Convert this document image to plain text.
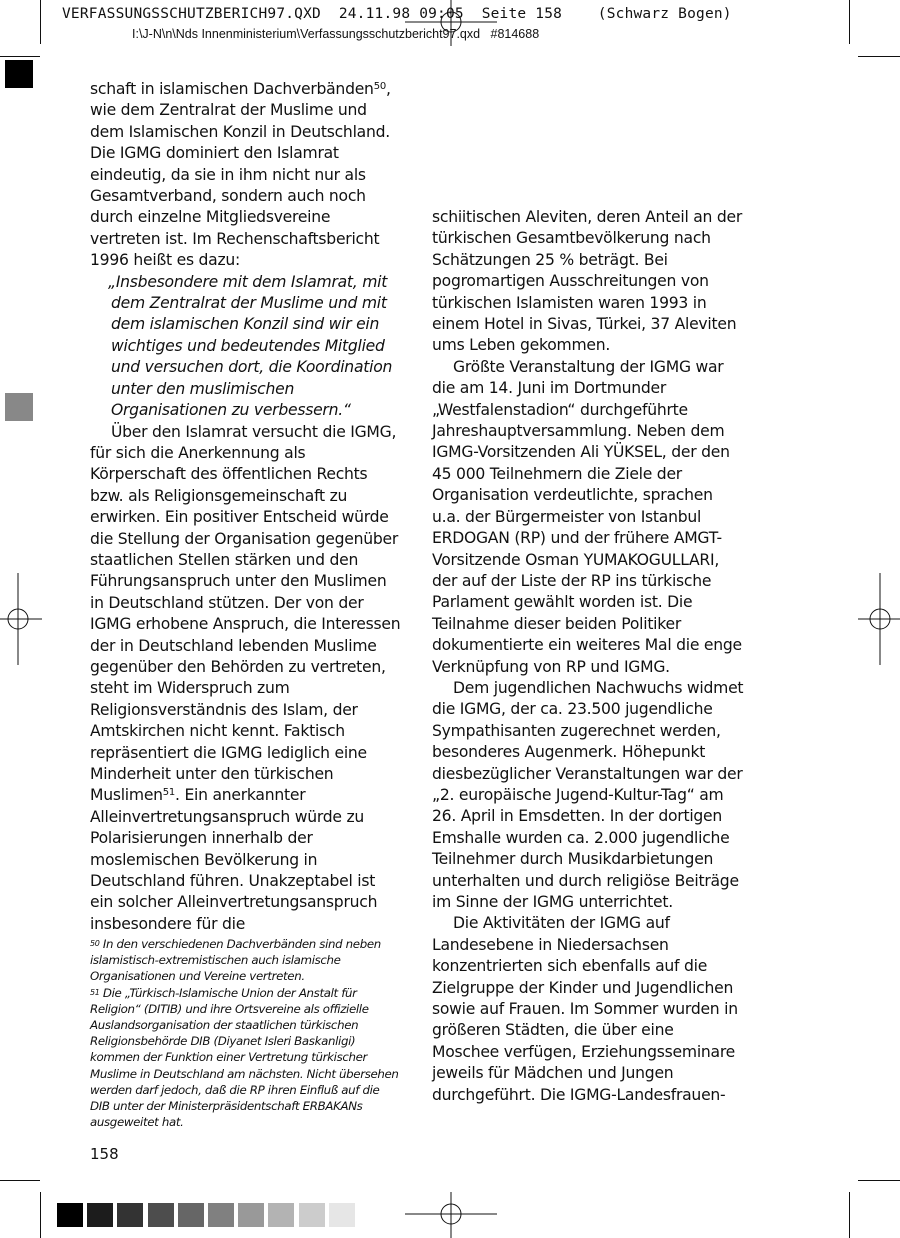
VERFASSUNGSSCHUTZBERICH97.QXD  24.11.98 09:05  Seite 158    (Schwarz Bogen)
I:\J-N\n\Nds Innenministerium\Verfassungsschutzbericht97.qxd   #814688

schaft in islamischen Dachverbänden$^{50}$, wie dem Zentralrat der Muslime und dem Islamischen Konzil in Deutschland. Die IGMG dominiert den Islamrat eindeutig, da sie in ihm nicht nur als Gesamtverband, sondern auch noch durch einzelne Mitgliedsvereine vertreten ist. Im Rechenschaftsbericht 1996 heißt es dazu:

„Insbesondere mit dem Islamrat, mit dem Zentralrat der Muslime und mit dem islamischen Konzil sind wir ein wichtiges und bedeutendes Mitglied und versuchen dort, die Koordination unter den muslimischen Organisationen zu verbessern.“

Über den Islamrat versucht die IGMG, für sich die Anerkennung als Körperschaft des öffentlichen Rechts bzw. als Religionsgemeinschaft zu erwirken. Ein positiver Entscheid würde die Stellung der Organisation gegenüber staatlichen Stellen stärken und den Führungsanspruch unter den Muslimen in Deutschland stützen. Der von der IGMG erhobene Anspruch, die Interessen der in Deutschland lebenden Muslime gegenüber den Behörden zu vertreten, steht im Widerspruch zum Religionsverständnis des Islam, der Amtskirchen nicht kennt. Faktisch repräsentiert die IGMG lediglich eine Minderheit unter den türkischen Muslimen$^{51}$. Ein anerkannter Alleinvertretungsanspruch würde zu Polarisierungen innerhalb der moslemischen Bevölkerung in Deutschland führen. Unakzeptabel ist ein solcher Alleinvertretungsanspruch insbesondere für die

50 In den verschiedenen Dachverbänden sind neben islamistisch-extremistischen auch islamische Organisationen und Vereine vertreten.

51 Die „Türkisch-Islamische Union der Anstalt für Religion“ (DITIB) und ihre Ortsvereine als offizielle Auslandsorganisation der staatlichen türkischen Religionsbehörde DIB (Diyanet Isleri Baskanligi) kommen der Funktion einer Vertretung türkischer Muslime in Deutschland am nächsten. Nicht übersehen werden darf jedoch, daß die RP ihren Einfluß auf die DIB unter der Ministerpräsidentschaft ERBAKANs ausgeweitet hat.

schiitischen Aleviten, deren Anteil an der türkischen Gesamtbevölkerung nach Schätzungen 25 % beträgt. Bei pogromartigen Ausschreitungen von türkischen Islamisten waren 1993 in einem Hotel in Sivas, Türkei, 37 Aleviten ums Leben gekommen.

Größte Veranstaltung der IGMG war die am 14. Juni im Dortmunder „Westfalenstadion“ durchgeführte Jahreshauptversammlung. Neben dem IGMG-Vorsitzenden Ali YÜKSEL, der den 45 000 Teilnehmern die Ziele der Organisation verdeutlichte, sprachen u.a. der Bürgermeister von Istanbul ERDOGAN (RP) und der frühere AMGT-Vorsitzende Osman YUMAKOGULLARI, der auf der Liste der RP ins türkische Parlament gewählt worden ist. Die Teilnahme dieser beiden Politiker dokumentierte ein weiteres Mal die enge Verknüpfung von RP und IGMG.

Dem jugendlichen Nachwuchs widmet die IGMG, der ca. 23.500 jugendliche Sympathisanten zugerechnet werden, besonderes Augenmerk. Höhepunkt diesbezüglicher Veranstaltungen war der „2. europäische Jugend-Kultur-Tag“ am 26. April in Emsdetten. In der dortigen Emshalle wurden ca. 2.000 jugendliche Teilnehmer durch Musikdarbietungen unterhalten und durch religiöse Beiträge im Sinne der IGMG unterrichtet.

Die Aktivitäten der IGMG auf Landesebene in Niedersachsen konzentrierten sich ebenfalls auf die Zielgruppe der Kinder und Jugendlichen sowie auf Frauen. Im Sommer wurden in größeren Städten, die über eine Moschee verfügen, Erziehungsseminare jeweils für Mädchen und Jungen durchgeführt. Die IGMG-Landesfrauen-

158
